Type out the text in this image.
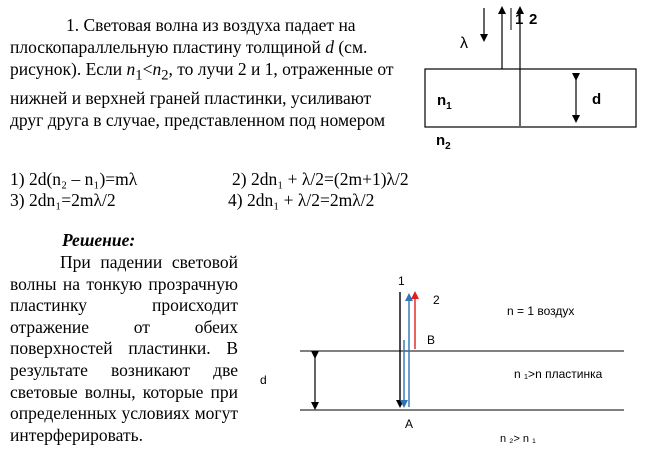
1. Световая волна из воздуха падает на плоскопараллельную пластину толщиной d (см. рисунок). Если $n_1<n_2$, то лучи 2 и 1, отраженные от нижней и верхней граней пластинки, усиливают друг друга в случае, представленном под номером

1) 2d(n₂ – n₁)=mλ	2) 2dn₁ + λ/2=(2m+1)λ/2
3) 2dn₁=2mλ/2	4) 2dn₁ + λ/2=2mλ/2
λ
1 2
$n_1$	d
$n_2$
d
1
2
B
A
n = 1 воздух
n ₁>n пластинка
n ₂> n ₁
Решение:
При падении световой волны на тонкую прозрачную пластинку происходит отражение от обеих поверхностей пластинки. В результате возникают две световые волны, которые при определенных условиях могут интерферировать.
